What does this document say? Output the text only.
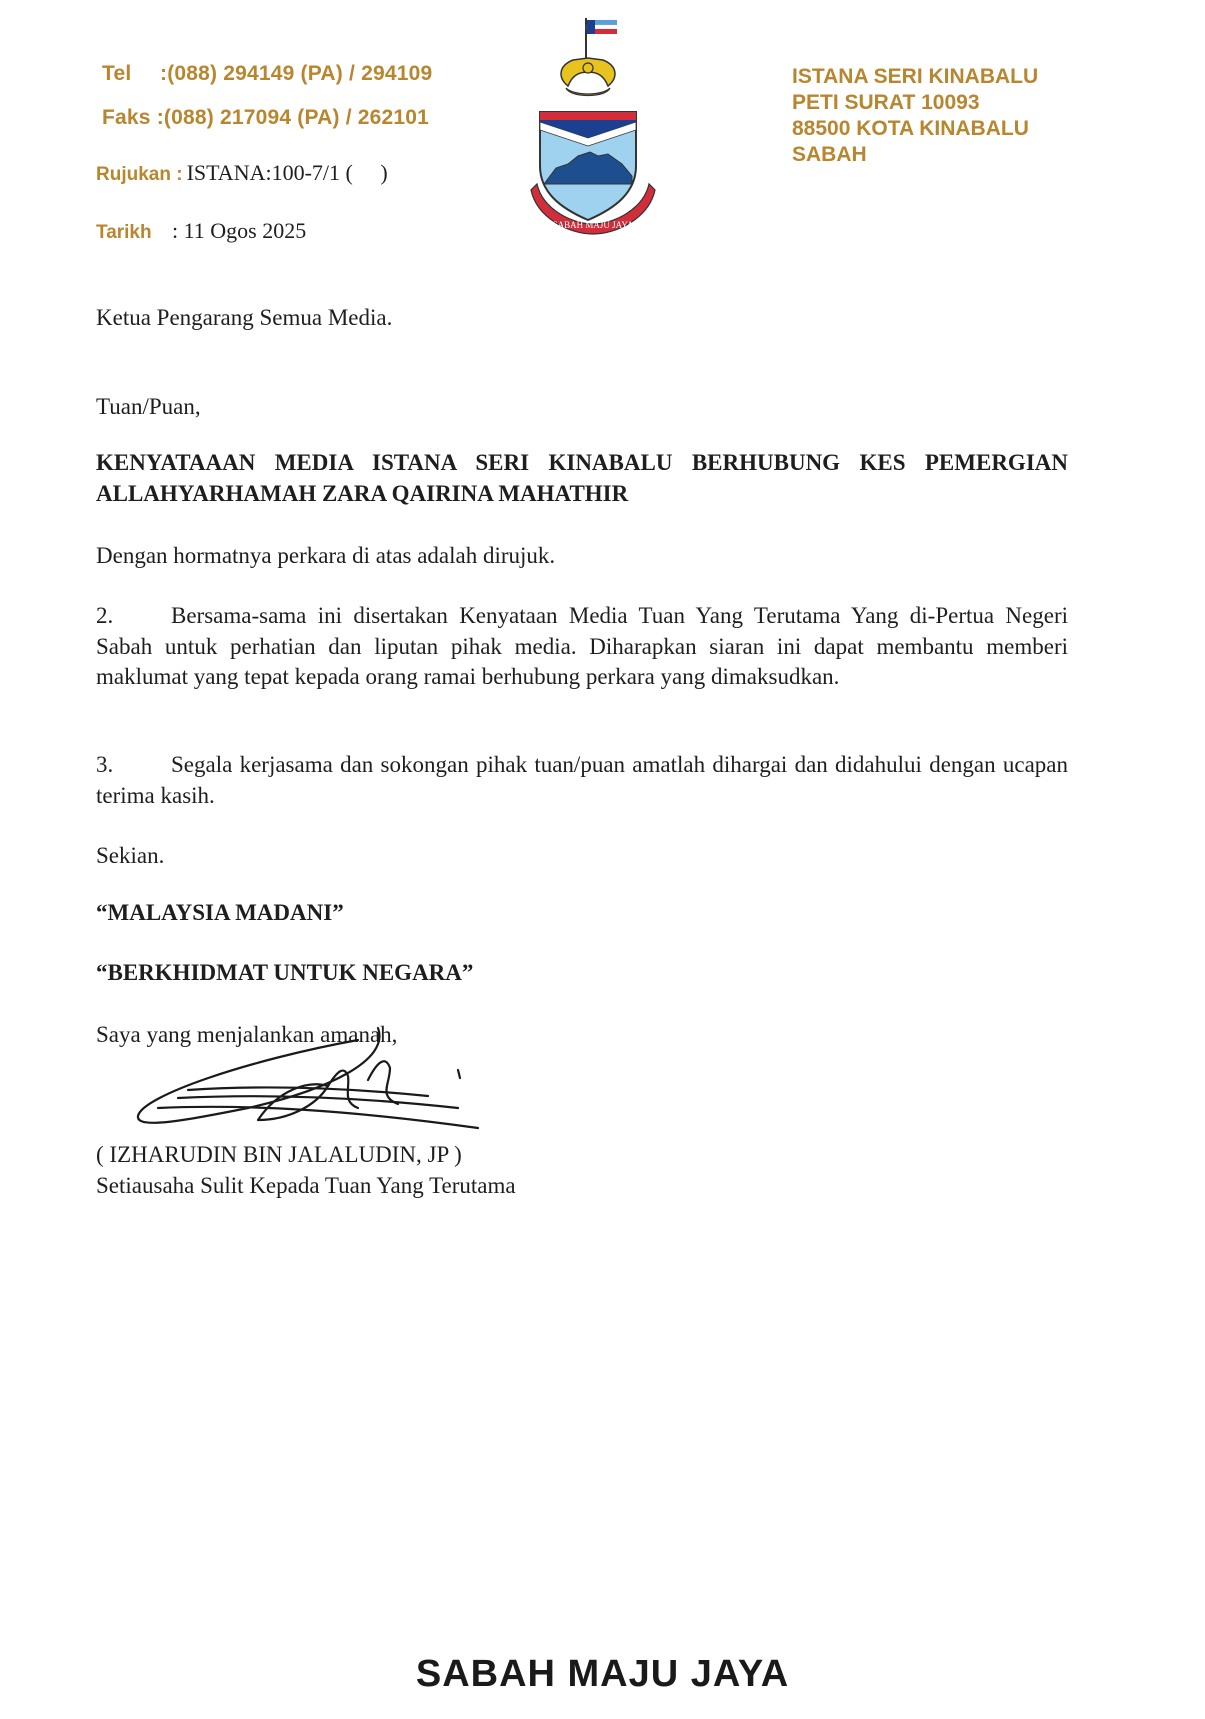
Tel :(088) 294149 (PA) / 294109
Faks :(088) 217094 (PA) / 262101
Rujukan : ISTANA:100-7/1 (     )
Tarikh : 11 Ogos 2025	SABAH MAJU JAYA
ISTANA SERI KINABALU
PETI SURAT 10093
88500 KOTA KINABALU
SABAH
Ketua Pengarang Semua Media.
Tuan/Puan,
KENYATAAAN MEDIA ISTANA SERI KINABALU BERHUBUNG KES PEMERGIAN ALLAHYARHAMAH ZARA QAIRINA MAHATHIR
Dengan hormatnya perkara di atas adalah dirujuk.
2.	Bersama-sama ini disertakan Kenyataan Media Tuan Yang Terutama Yang di-Pertua Negeri Sabah untuk perhatian dan liputan pihak media. Diharapkan siaran ini dapat membantu memberi maklumat yang tepat kepada orang ramai berhubung perkara yang dimaksudkan.
3.	Segala kerjasama dan sokongan pihak tuan/puan amatlah dihargai dan didahului dengan ucapan terima kasih.
Sekian.
“MALAYSIA MADANI”
“BERKHIDMAT UNTUK NEGARA”
Saya yang menjalankan amanah,
( IZHARUDIN BIN JALALUDIN, JP )
Setiausaha Sulit Kepada Tuan Yang Terutama
SABAH MAJU JAYA
